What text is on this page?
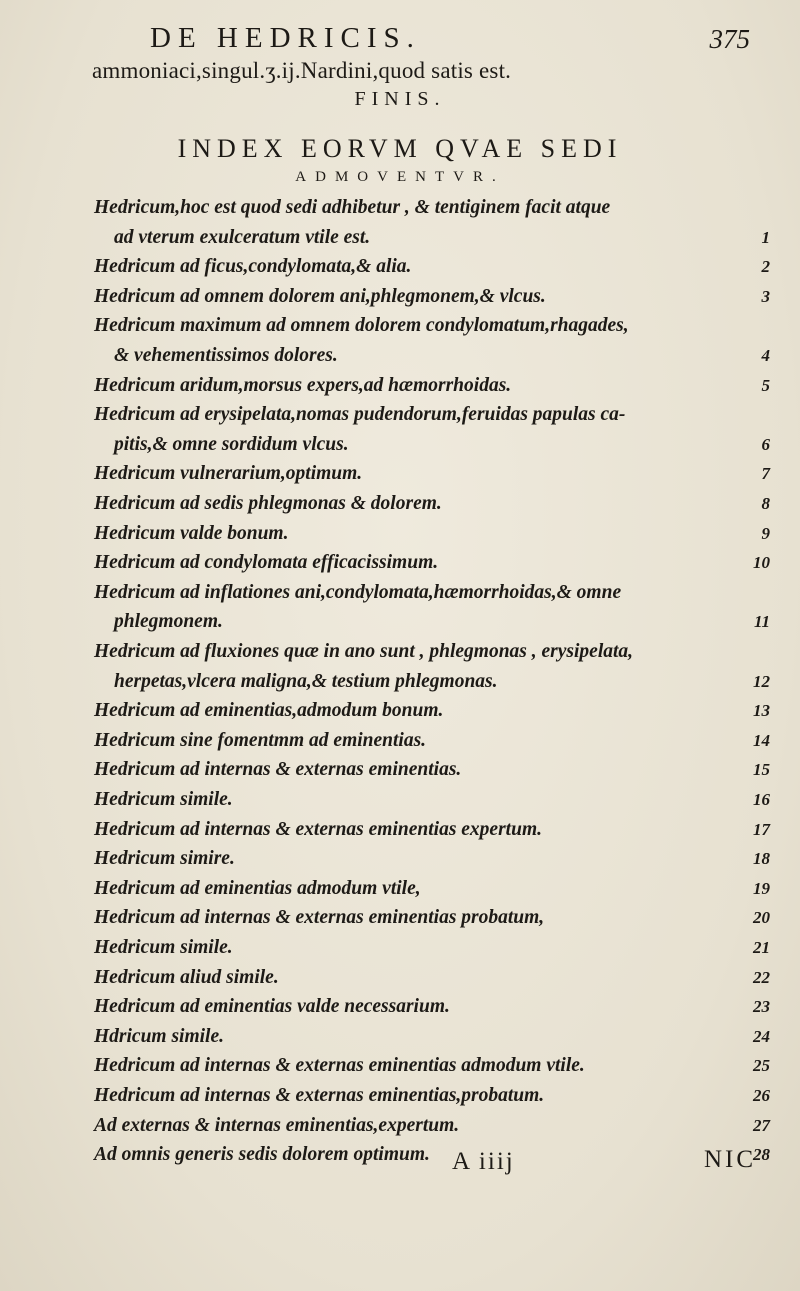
DE HEDRICIS.	375
ammoniaci,singul.ʒ.ij.Nardini,quod satis est.
FINIS.
INDEX EORVM QVAE SEDI
ADMOVENTVR.
Hedricum,hoc est quod sedi adhibetur , & tentiginem facit atque
ad vterum exulceratum vtile est.	1
Hedricum ad ficus,condylomata,& alia.	2
Hedricum ad omnem dolorem ani,phlegmonem,& vlcus.	3
Hedricum maximum ad omnem dolorem condylomatum,rhagades,
& vehementissimos dolores.	4
Hedricum aridum,morsus expers,ad hæmorrhoidas.	5
Hedricum ad erysipelata,nomas pudendorum,feruidas papulas ca-
pitis,& omne sordidum vlcus.	6
Hedricum vulnerarium,optimum.	7
Hedricum ad sedis phlegmonas & dolorem.	8
Hedricum valde bonum.	9
Hedricum ad condylomata efficacissimum.	10
Hedricum ad inflationes ani,condylomata,hæmorrhoidas,& omne
phlegmonem.	11
Hedricum ad fluxiones quæ in ano sunt , phlegmonas , erysipelata,
herpetas,vlcera maligna,& testium phlegmonas.	12
Hedricum ad eminentias,admodum bonum.	13
Hedricum sine fomentmm ad eminentias.	14
Hedricum ad internas & externas eminentias.	15
Hedricum simile.	16
Hedricum ad internas & externas eminentias expertum.	17
Hedricum simire.	18
Hedricum ad eminentias admodum vtile,	19
Hedricum ad internas & externas eminentias probatum,	20
Hedricum simile.	21
Hedricum aliud simile.	22
Hedricum ad eminentias valde necessarium.	23
Hdricum simile.	24
Hedricum ad internas & externas eminentias admodum vtile.	25
Hedricum ad internas & externas eminentias,probatum.	26
Ad externas & internas eminentias,expertum.	27
Ad omnis generis sedis dolorem optimum.	28
A iiij	NIC
